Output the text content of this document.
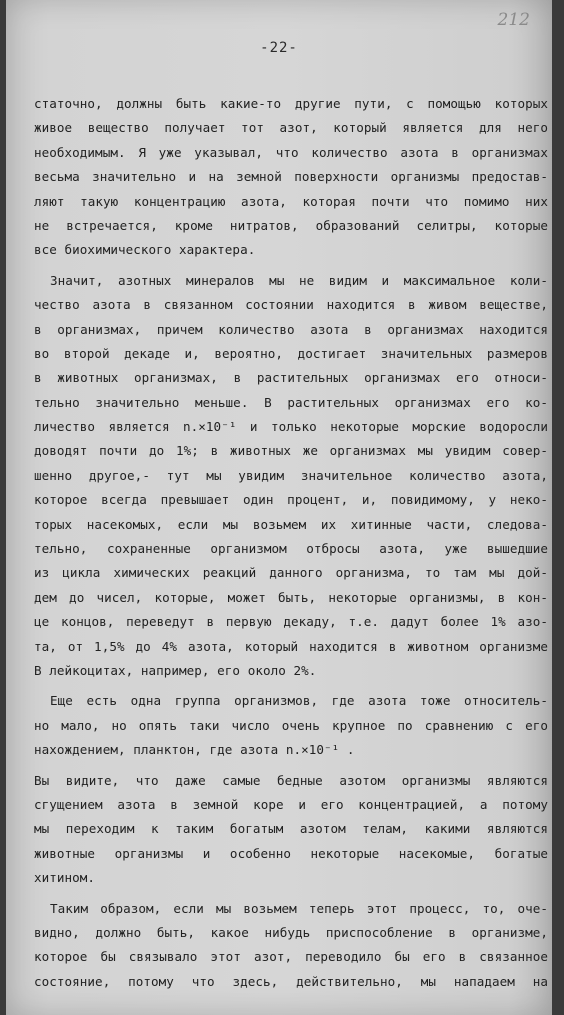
212
-22-
статочно, должны быть какие-то другие пути, с помощью которых
живое вещество получает тот азот, который является для него
необходимым. Я уже указывал, что количество азота в организмах
весьма значительно и на земной поверхности организмы предостав-
ляют такую концентрацию азота, которая почти что помимо них
не встречается, кроме нитратов, образований селитры, которые
все биохимического характера.
Значит, азотных минералов мы не видим и максимальное коли-
чество азота в связанном состоянии находится в живом веществе,
в организмах, причем количество азота в организмах находится
во второй декаде и, вероятно, достигает значительных размеров
в животных организмах, в растительных организмах его относи-
тельно значительно меньше. В растительных организмах его ко-
личество является n.×10⁻¹ и только некоторые морские водоросли
доводят почти до 1%; в животных же организмах мы увидим совер-
шенно другое,- тут мы увидим значительное количество азота,
которое всегда превышает один процент, и, повидимому, у неко-
торых насекомых, если мы возьмем их хитинные части, следова-
тельно, сохраненные организмом отбросы азота, уже вышедшие
из цикла химических реакций данного организма, то там мы дой-
дем до чисел, которые, может быть, некоторые организмы, в кон-
це концов, переведут в первую декаду, т.е. дадут более 1% азо-
та, от 1,5% до 4% азота, который находится в животном организме
В лейкоцитах, например, его около 2%.
Еще есть одна группа организмов, где азота тоже относитель-
но мало, но опять таки число очень крупное по сравнению с его
нахождением, планктон, где азота n.×10⁻¹ .
Вы видите, что даже самые бедные азотом организмы являются
сгущением азота в земной коре и его концентрацией, а потому
мы переходим к таким богатым азотом телам, какими являются
животные организмы и особенно некоторые насекомые, богатые
хитином.
Таким образом, если мы возьмем теперь этот процесс, то, оче-
видно, должно быть, какое нибудь приспособление в организме,
которое бы связывало этот азот, переводило бы его в связанное
состояние, потому что здесь, действительно, мы нападаем на
